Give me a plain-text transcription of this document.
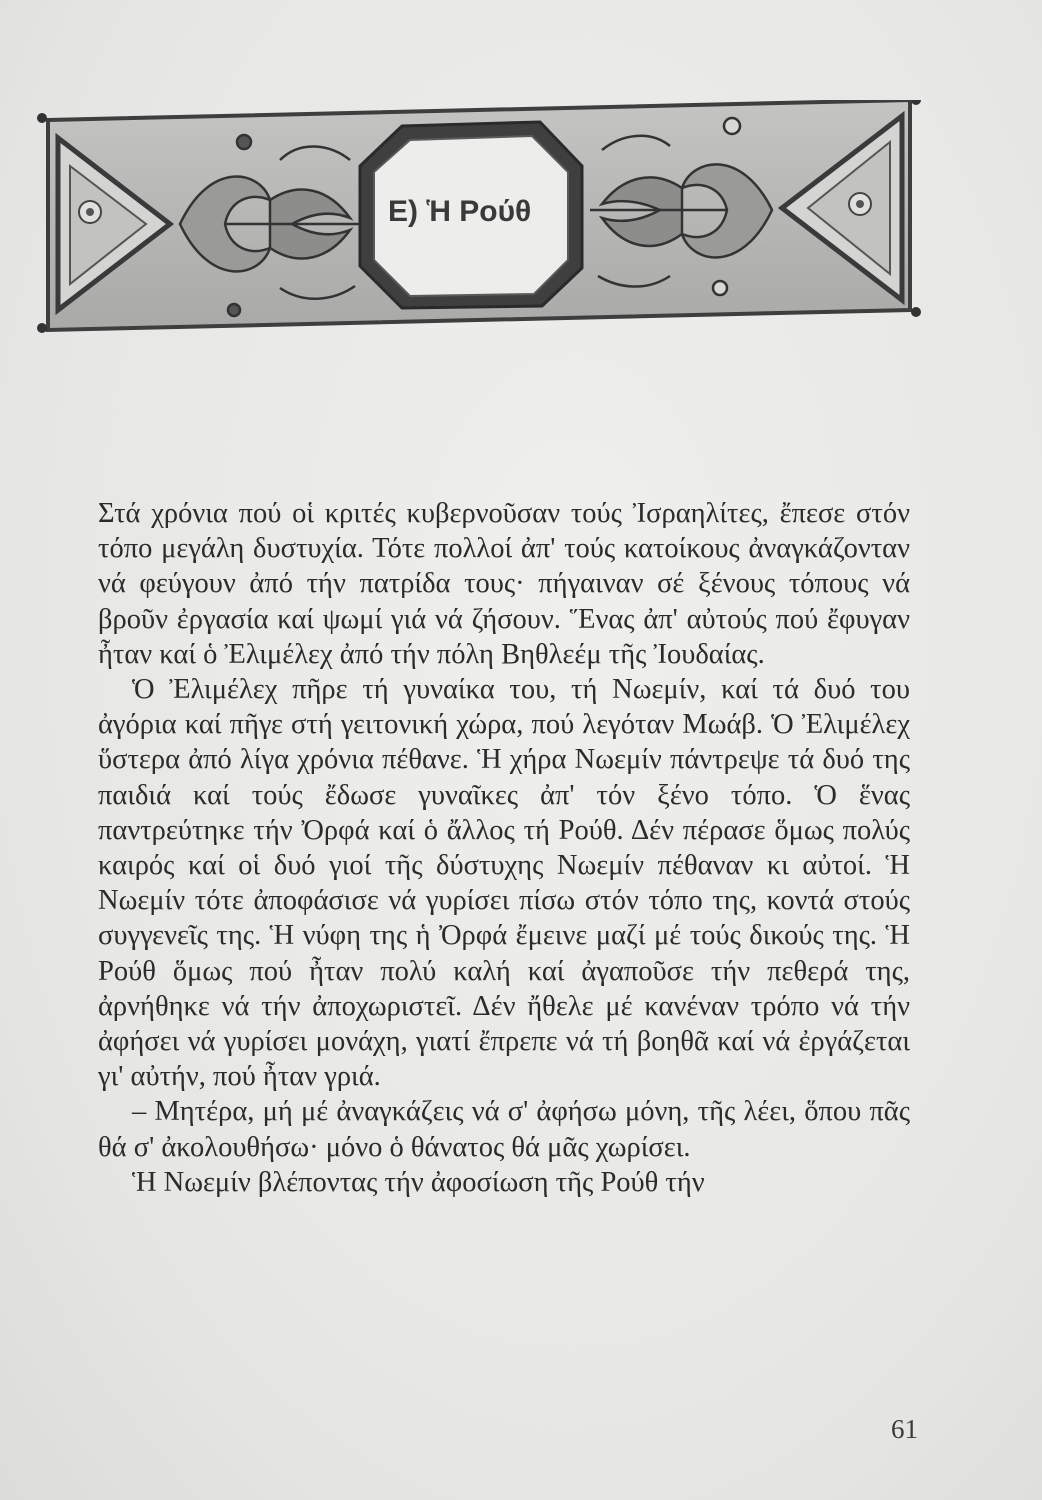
Ε) Ἡ Ρούθ

Στά χρόνια πού οἱ κριτές κυβερνοῦσαν τούς Ἰσραηλίτες, ἔπεσε στόν τόπο μεγάλη δυστυχία. Τότε πολλοί ἀπ' τούς κατοίκους ἀναγκάζονταν νά φεύγουν ἀπό τήν πατρίδα τους· πήγαιναν σέ ξένους τόπους νά βροῦν ἐργασία καί ψωμί γιά νά ζήσουν. Ἕνας ἀπ' αὐτούς πού ἔφυγαν ἦταν καί ὁ Ἐλιμέλεχ ἀπό τήν πόλη Βηθλεέμ τῆς Ἰουδαίας.

Ὁ Ἐλιμέλεχ πῆρε τή γυναίκα του, τή Νωεμίν, καί τά δυό του ἀγόρια καί πῆγε στή γειτονική χώρα, πού λεγόταν Μωάβ. Ὁ Ἐλιμέλεχ ὕστερα ἀπό λίγα χρόνια πέθανε. Ἡ χήρα Νωεμίν πάντρεψε τά δυό της παιδιά καί τούς ἔδωσε γυναῖκες ἀπ' τόν ξένο τόπο. Ὁ ἕνας παντρεύτηκε τήν Ὀρφά καί ὁ ἄλλος τή Ρούθ. Δέν πέρασε ὅμως πολύς καιρός καί οἱ δυό γιοί τῆς δύστυχης Νωεμίν πέθαναν κι αὐτοί. Ἡ Νωεμίν τότε ἀποφάσισε νά γυρίσει πίσω στόν τόπο της, κοντά στούς συγγενεῖς της. Ἡ νύφη της ἡ Ὀρφά ἔμεινε μαζί μέ τούς δικούς της. Ἡ Ρούθ ὅμως πού ἦταν πολύ καλή καί ἀγαποῦσε τήν πεθερά της, ἀρνήθηκε νά τήν ἀποχωριστεῖ. Δέν ἤθελε μέ κανέναν τρόπο νά τήν ἀφήσει νά γυρίσει μονάχη, γιατί ἔπρεπε νά τή βοηθᾶ καί νά ἐργάζεται γι' αὐτήν, πού ἦταν γριά.

– Μητέρα, μή μέ ἀναγκάζεις νά σ' ἀφήσω μόνη, τῆς λέει, ὅπου πᾶς θά σ' ἀκολουθήσω· μόνο ὁ θάνατος θά μᾶς χωρίσει.

Ἡ Νωεμίν βλέποντας τήν ἀφοσίωση τῆς Ρούθ τήν

61
